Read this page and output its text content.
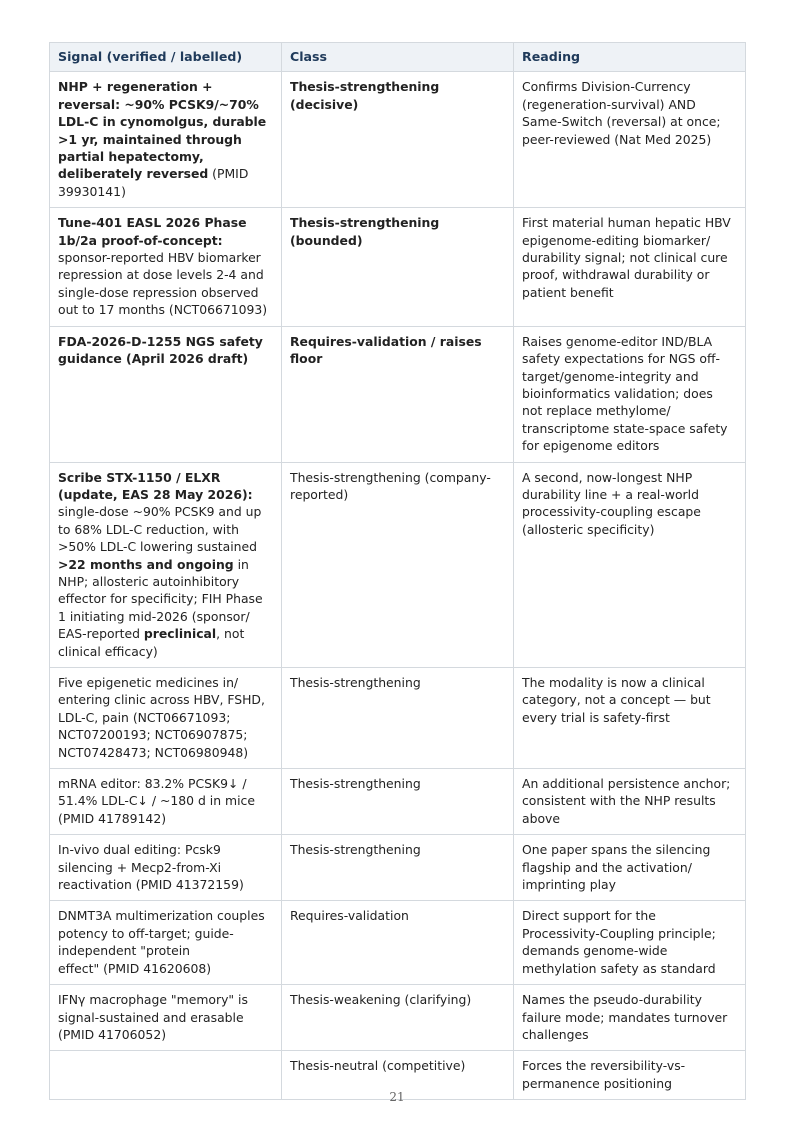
Signal (verified / labelled)	Class	Reading
NHP + regeneration + reversal: ~90% PCSK9/~70% LDL-C in cynomolgus, durable >1 yr, maintained through partial hepatectomy, deliberately reversed (PMID 39930141)	Thesis-strengthening (decisive)	Confirms Division-Currency (regeneration-survival) AND Same-Switch (reversal) at once; peer-reviewed (Nat Med 2025)
Tune-401 EASL 2026 Phase 1b/2a proof-of-concept: sponsor-reported HBV biomarker repression at dose levels 2-4 and single-dose repression observed out to 17 months (NCT06671093)	Thesis-strengthening (bounded)	First material human hepatic HBV epigenome-editing biomarker/ durability signal; not clinical cure proof, withdrawal durability or patient benefit
FDA-2026-D-1255 NGS safety guidance (April 2026 draft)	Requires-validation / raises floor	Raises genome-editor IND/BLA safety expectations for NGS off-target/genome-integrity and bioinformatics validation; does not replace methylome/ transcriptome state-space safety for epigenome editors
Scribe STX-1150 / ELXR (update, EAS 28 May 2026): single-dose ~90% PCSK9 and up to 68% LDL-C reduction, with >50% LDL-C lowering sustained >22 months and ongoing in NHP; allosteric autoinhibitory effector for specificity; FIH Phase 1 initiating mid-2026 (sponsor/ EAS-reported preclinical, not clinical efficacy)	Thesis-strengthening (company-reported)	A second, now-longest NHP durability line + a real-world processivity-coupling escape (allosteric specificity)
Five epigenetic medicines in/ entering clinic across HBV, FSHD, LDL-C, pain (NCT06671093; NCT07200193; NCT06907875; NCT07428473; NCT06980948)	Thesis-strengthening	The modality is now a clinical category, not a concept — but every trial is safety-first
mRNA editor: 83.2% PCSK9↓ / 51.4% LDL-C↓ / ~180 d in mice (PMID 41789142)	Thesis-strengthening	An additional persistence anchor; consistent with the NHP results above
In-vivo dual editing: Pcsk9 silencing + Mecp2-from-Xi reactivation (PMID 41372159)	Thesis-strengthening	One paper spans the silencing flagship and the activation/ imprinting play
DNMT3A multimerization couples potency to off-target; guide-independent "protein
effect" (PMID 41620608)	Requires-validation	Direct support for the Processivity-Coupling principle; demands genome-wide methylation safety as standard
IFNγ macrophage "memory" is signal-sustained and erasable (PMID 41706052)	Thesis-weakening (clarifying)	Names the pseudo-durability failure mode; mandates turnover challenges
	Thesis-neutral (competitive)	Forces the reversibility-vs-permanence positioning
21
